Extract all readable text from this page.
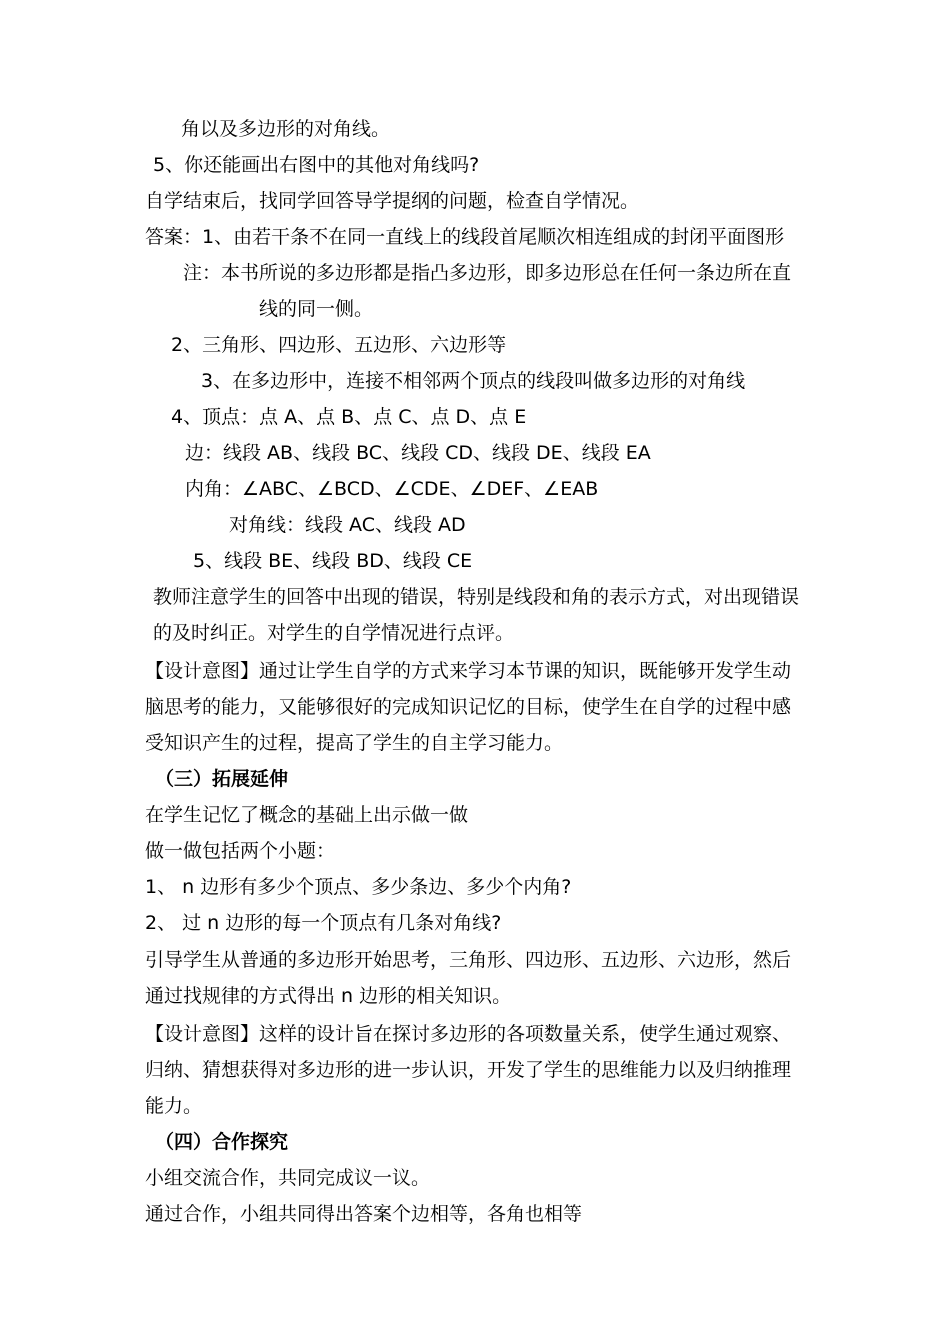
角以及多边形的对角线。
5、你还能画出右图中的其他对角线吗?
自学结束后，找同学回答导学提纲的问题，检查自学情况。
答案：1、由若干条不在同一直线上的线段首尾顺次相连组成的封闭平面图形
注：本书所说的多边形都是指凸多边形，即多边形总在任何一条边所在直
线的同一侧。
2、三角形、四边形、五边形、六边形等
3、在多边形中，连接不相邻两个顶点的线段叫做多边形的对角线
4、顶点：点 A、点 B、点 C、点 D、点 E
边：线段 AB、线段 BC、线段 CD、线段 DE、线段 EA
内角：∠ABC、∠BCD、∠CDE、∠DEF、∠EAB
对角线：线段 AC、线段 AD
5、线段 BE、线段 BD、线段 CE
教师注意学生的回答中出现的错误，特别是线段和角的表示方式，对出现错误
的及时纠正。对学生的自学情况进行点评。
【设计意图】通过让学生自学的方式来学习本节课的知识，既能够开发学生动
脑思考的能力，又能够很好的完成知识记忆的目标，使学生在自学的过程中感
受知识产生的过程，提高了学生的自主学习能力。
（三）拓展延伸
在学生记忆了概念的基础上出示做一做
做一做包括两个小题：
1、 n 边形有多少个顶点、多少条边、多少个内角?
2、 过 n 边形的每一个顶点有几条对角线?
引导学生从普通的多边形开始思考，三角形、四边形、五边形、六边形，然后
通过找规律的方式得出 n 边形的相关知识。
【设计意图】这样的设计旨在探讨多边形的各项数量关系，使学生通过观察、
归纳、猜想获得对多边形的进一步认识，开发了学生的思维能力以及归纳推理
能力。
（四）合作探究
小组交流合作，共同完成议一议。
通过合作，小组共同得出答案个边相等，各角也相等
